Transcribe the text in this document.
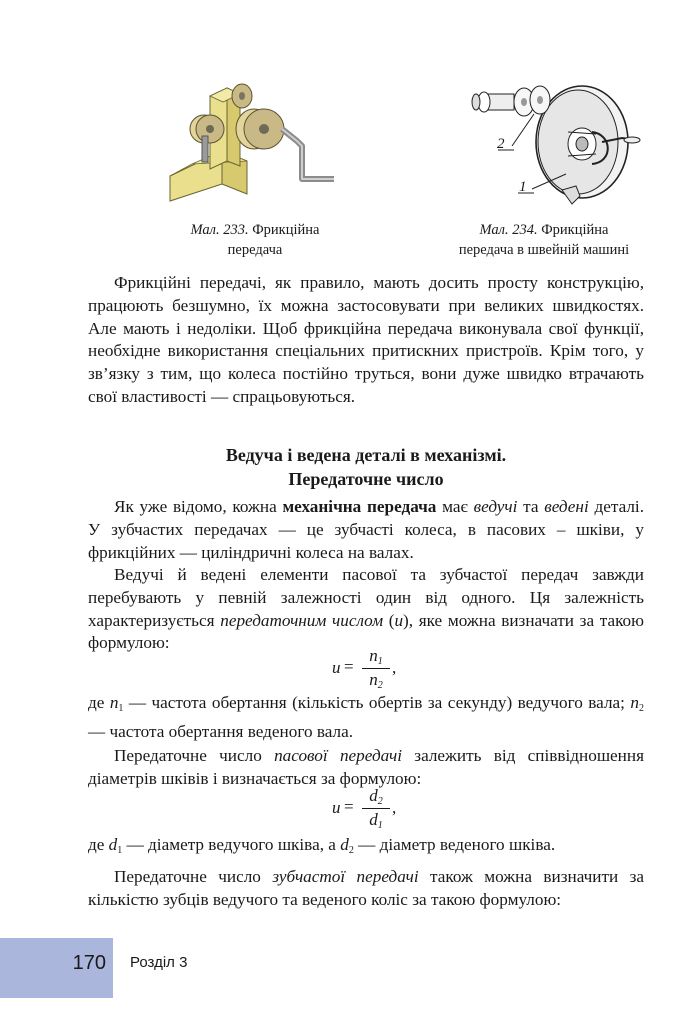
Мал. 233. Фрикційна
передача
2
1
Мал. 234. Фрикційна
передача в швейній машині
Фрикційні передачі, як правило, мають досить просту конструкцію, працюють безшумно, їх можна застосовувати при великих швидкостях. Але мають і недоліки. Щоб фрикційна передача виконувала свої функції, необхідне використання спеціальних притискних пристроїв. Крім того, у зв’язку з тим, що колеса постійно труться, вони дуже швидко втрачають свої властивості — спрацьовуються.
Ведуча і ведена деталі в механізмі.
Передаточне число
Як уже відомо, кожна механічна передача має ведучі та ведені деталі. У зубчастих передачах — це зубчасті колеса, в пасових – шківи, у фрикційних — циліндричні колеса на валах.
Ведучі й ведені елементи пасової та зубчастої передач завжди перебувають у певній залежності один від одного. Ця залежність характеризується передаточним числом (u), яке можна визначати за такою формулою:
u =
$n_1$
$n_2$
,
де $n_1$ — частота обертання (кількість обертів за секунду) ведучого вала; $n_2$ — частота обертання веденого вала.
Передаточне число пасової передачі залежить від співвідношення діаметрів шківів і визначається за формулою:
u =
$d_2$
$d_1$
,
де $d_1$ — діаметр ведучого шківа, а $d_2$ — діаметр веденого шківа.
Передаточне число зубчастої передачі також можна визначити за кількістю зубців ведучого та веденого коліс за такою формулою:
170 Розділ 3
